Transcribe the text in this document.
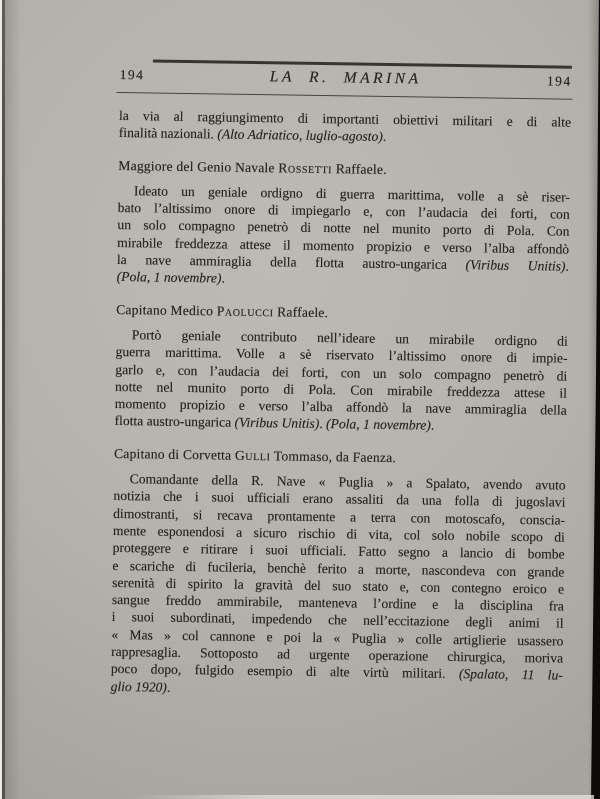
194	LA R. MARINA	194
la via al raggiungimento di importanti obiettivi militari e di alte
finalità nazionali. (Alto Adriatico, luglio-agosto).
Maggiore del Genio Navale Rossetti Raffaele.
Ideato un geniale ordigno di guerra marittima, volle a sè riser-
bato l’altissimo onore di impiegarlo e, con l’audacia dei forti, con
un solo compagno penetrò di notte nel munito porto di Pola. Con
mirabile freddezza attese il momento propizio e verso l’alba affondò
la nave ammiraglia della flotta austro-ungarica (Viribus Unitis).
(Pola, 1 novembre).
Capitano Medico Paolucci Raffaele.
Portò geniale contributo nell’ideare un mirabile ordigno di
guerra marittima. Volle a sè riservato l’altissimo onore di impie-
garlo e, con l’audacia dei forti, con un solo compagno penetrò di
notte nel munito porto di Pola. Con mirabile freddezza attese il
momento propizio e verso l’alba affondò la nave ammiraglia della
flotta austro-ungarica (Viribus Unitis). (Pola, 1 novembre).
Capitano di Corvetta Gulli Tommaso, da Faenza.
Comandante della R. Nave « Puglia » a Spalato, avendo avuto
notizia che i suoi ufficiali erano assaliti da una folla di jugoslavi
dimostranti, si recava prontamente a terra con motoscafo, conscia-
mente esponendosi a sicuro rischio di vita, col solo nobile scopo di
proteggere e ritirare i suoi ufficiali. Fatto segno a lancio di bombe
e scariche di fucileria, benchè ferito a morte, nascondeva con grande
serenità di spirito la gravità del suo stato e, con contegno eroico e
sangue freddo ammirabile, manteneva l’ordine e la disciplina fra
i suoi subordinati, impedendo che nell’eccitazione degli animi il
« Mas » col cannone e poi la « Puglia » colle artiglierie usassero
rappresaglia. Sottoposto ad urgente operazione chirurgica, moriva
poco dopo, fulgido esempio di alte virtù militari. (Spalato, 11 lu-
glio 1920).
